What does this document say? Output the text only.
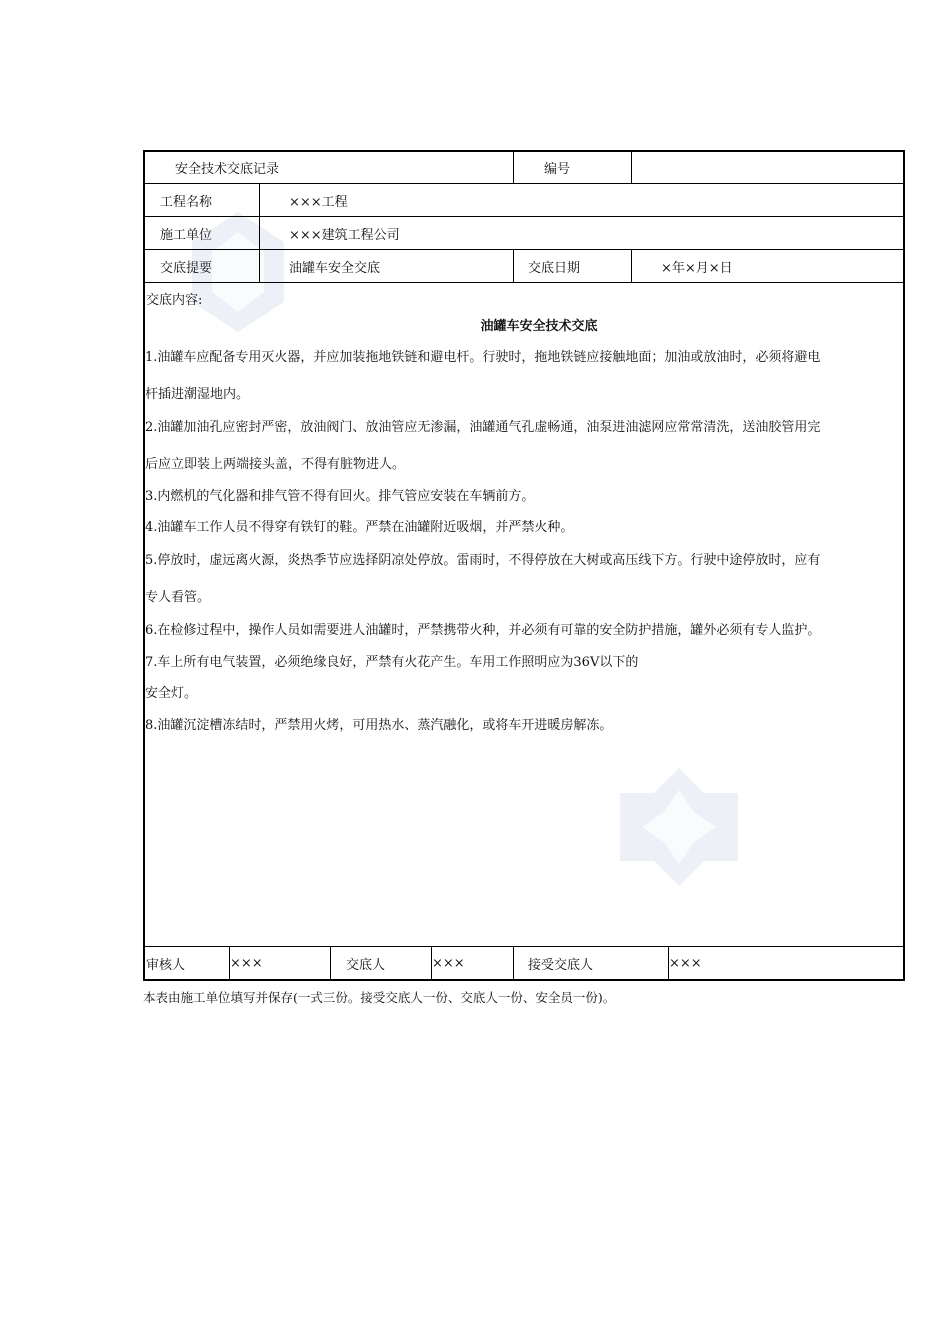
安全技术交底记录	编号
工程名称	×××工程
施工单位	×××建筑工程公司
交底提要	油罐车安全交底	交底日期	×年×月×日
交底内容:
油罐车安全技术交底
1.油罐车应配备专用灭火器，并应加装拖地铁链和避电杆。行驶时，拖地铁链应接触地面；加油或放油时，必须将避电
杆插进潮湿地内。
2.油罐加油孔应密封严密，放油阀门、放油管应无渗漏，油罐通气孔虚畅通，油泵进油滤网应常常清洗，送油胶管用完
后应立即装上两端接头盖，不得有脏物进人。
3.内燃机的气化器和排气管不得有回火。排气管应安装在车辆前方。
4.油罐车工作人员不得穿有铁钉的鞋。严禁在油罐附近吸烟，并严禁火种。
5.停放时，虚远离火源，炎热季节应选择阴凉处停放。雷雨时，不得停放在大树或高压线下方。行驶中途停放时，应有
专人看管。
6.在检修过程中，操作人员如需要进人油罐时，严禁携带火种，并必须有可靠的安全防护措施，罐外必须有专人监护。
7.车上所有电气装置，必须绝缘良好，严禁有火花产生。车用工作照明应为36V以下的
安全灯。
8.油罐沉淀槽冻结时，严禁用火烤，可用热水、蒸汽融化，或将车开进暖房解冻。
审核人	×××	交底人	×××	接受交底人	×××
本表由施工单位填写并保存(一式三份。接受交底人一份、交底人一份、安全员一份)。
